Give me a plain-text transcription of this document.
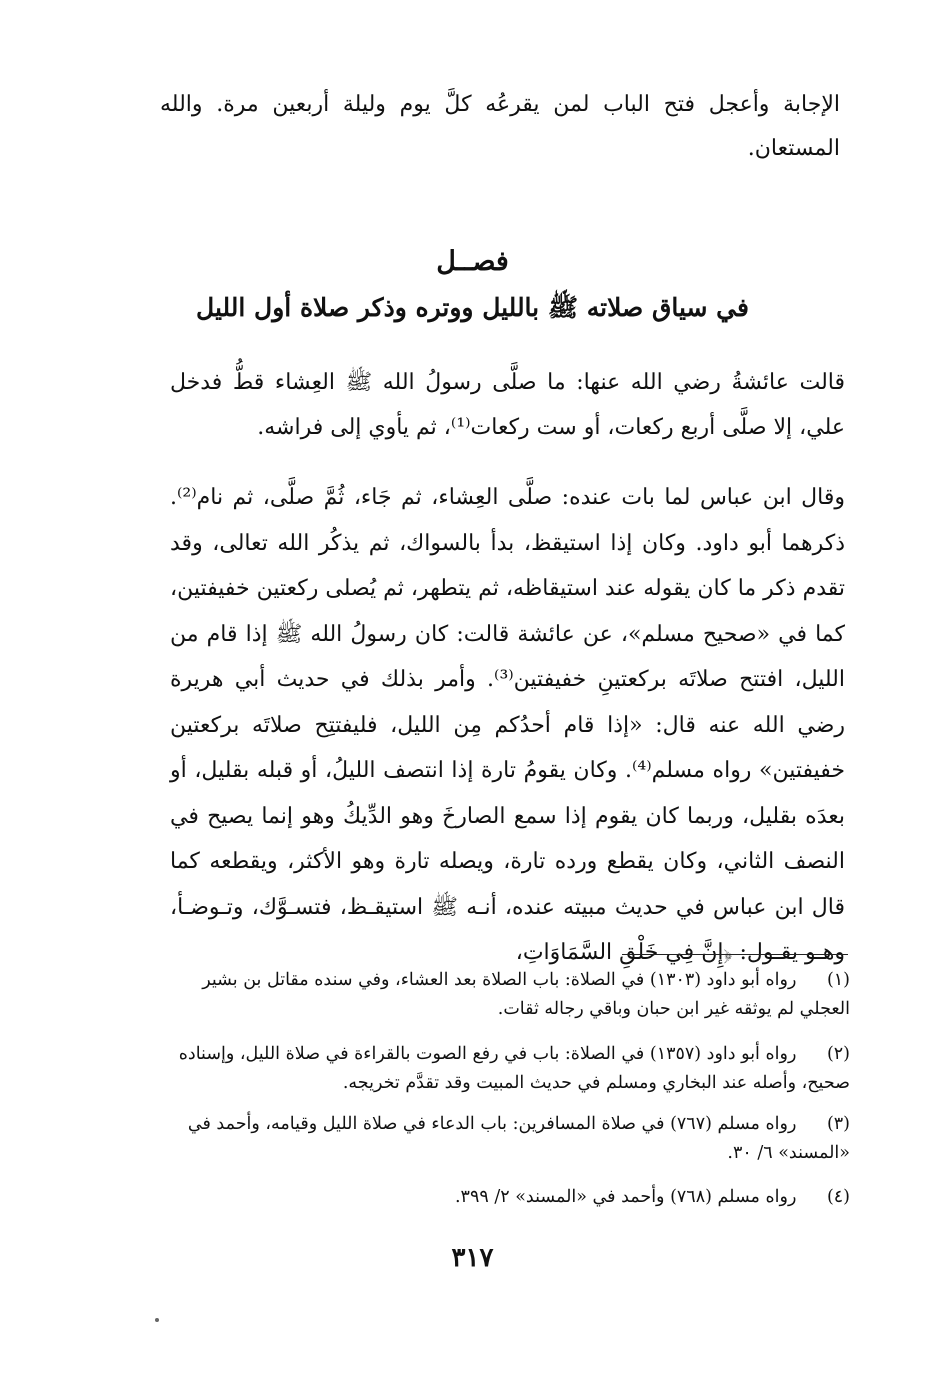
الإجابة وأعجل فتح الباب لمن يقرعُه كلَّ يوم وليلة أربعين مرة. والله المستعان.

فصــل
في سياق صلاته ﷺ بالليل ووتره وذكر صلاة أول الليل

قالت عائشةُ رضي الله عنها: ما صلَّى رسولُ الله ﷺ العِشاء قطُّ فدخل علي، إلا صلَّى أربع ركعات، أو ست ركعات⁽¹⁾، ثم يأوي إلى فراشه.

وقال ابن عباس لما بات عنده: صلَّى العِشاء، ثم جَاء، ثُمَّ صلَّى، ثم نام⁽²⁾. ذكرهما أبو داود. وكان إذا استيقظ، بدأ بالسواك، ثم يذكُر الله تعالى، وقد تقدم ذكر ما كان يقوله عند استيقاظه، ثم يتطهر، ثم يُصلى ركعتين خفيفتين، كما في «صحيح مسلم»، عن عائشة قالت: كان رسولُ الله ﷺ إذا قام من الليل، افتتح صلاتَه بركعتينِ خفيفتين⁽³⁾. وأمر بذلك في حديث أبي هريرة رضي الله عنه قال: «إذا قام أحدُكم مِن الليل، فليفتتِح صلاتَه بركعتين خفيفتين» رواه مسلم⁽⁴⁾. وكان يقومُ تارة إذا انتصف الليلُ، أو قبله بقليل، أو بعدَه بقليل، وربما كان يقوم إذا سمع الصارخَ وهو الدِّيكُ وهو إنما يصيح في النصف الثاني، وكان يقطع ورده تارة، ويصله تارة وهو الأكثر، ويقطعه كما قال ابن عباس في حديث مبيته عنده، أنـه ﷺ استيقـظ، فتسـوَّك، وتـوضـأ، وهـو يقـول: ﴿إِنَّ فِي خَلْقِ السَّمَاوَاتِ،

(١) رواه أبو داود (١٣٠٣) في الصلاة: باب الصلاة بعد العشاء، وفي سنده مقاتل بن بشير العجلي لم يوثقه غير ابن حبان وباقي رجاله ثقات.

(٢) رواه أبو داود (١٣٥٧) في الصلاة: باب في رفع الصوت بالقراءة في صلاة الليل، وإسناده صحيح، وأصله عند البخاري ومسلم في حديث المبيت وقد تقدَّم تخريجه.

(٣) رواه مسلم (٧٦٧) في صلاة المسافرين: باب الدعاء في صلاة الليل وقيامه، وأحمد في «المسند» ٦/ ٣٠.

(٤) رواه مسلم (٧٦٨) وأحمد في «المسند» ٢/ ٣٩٩.

٣١٧
